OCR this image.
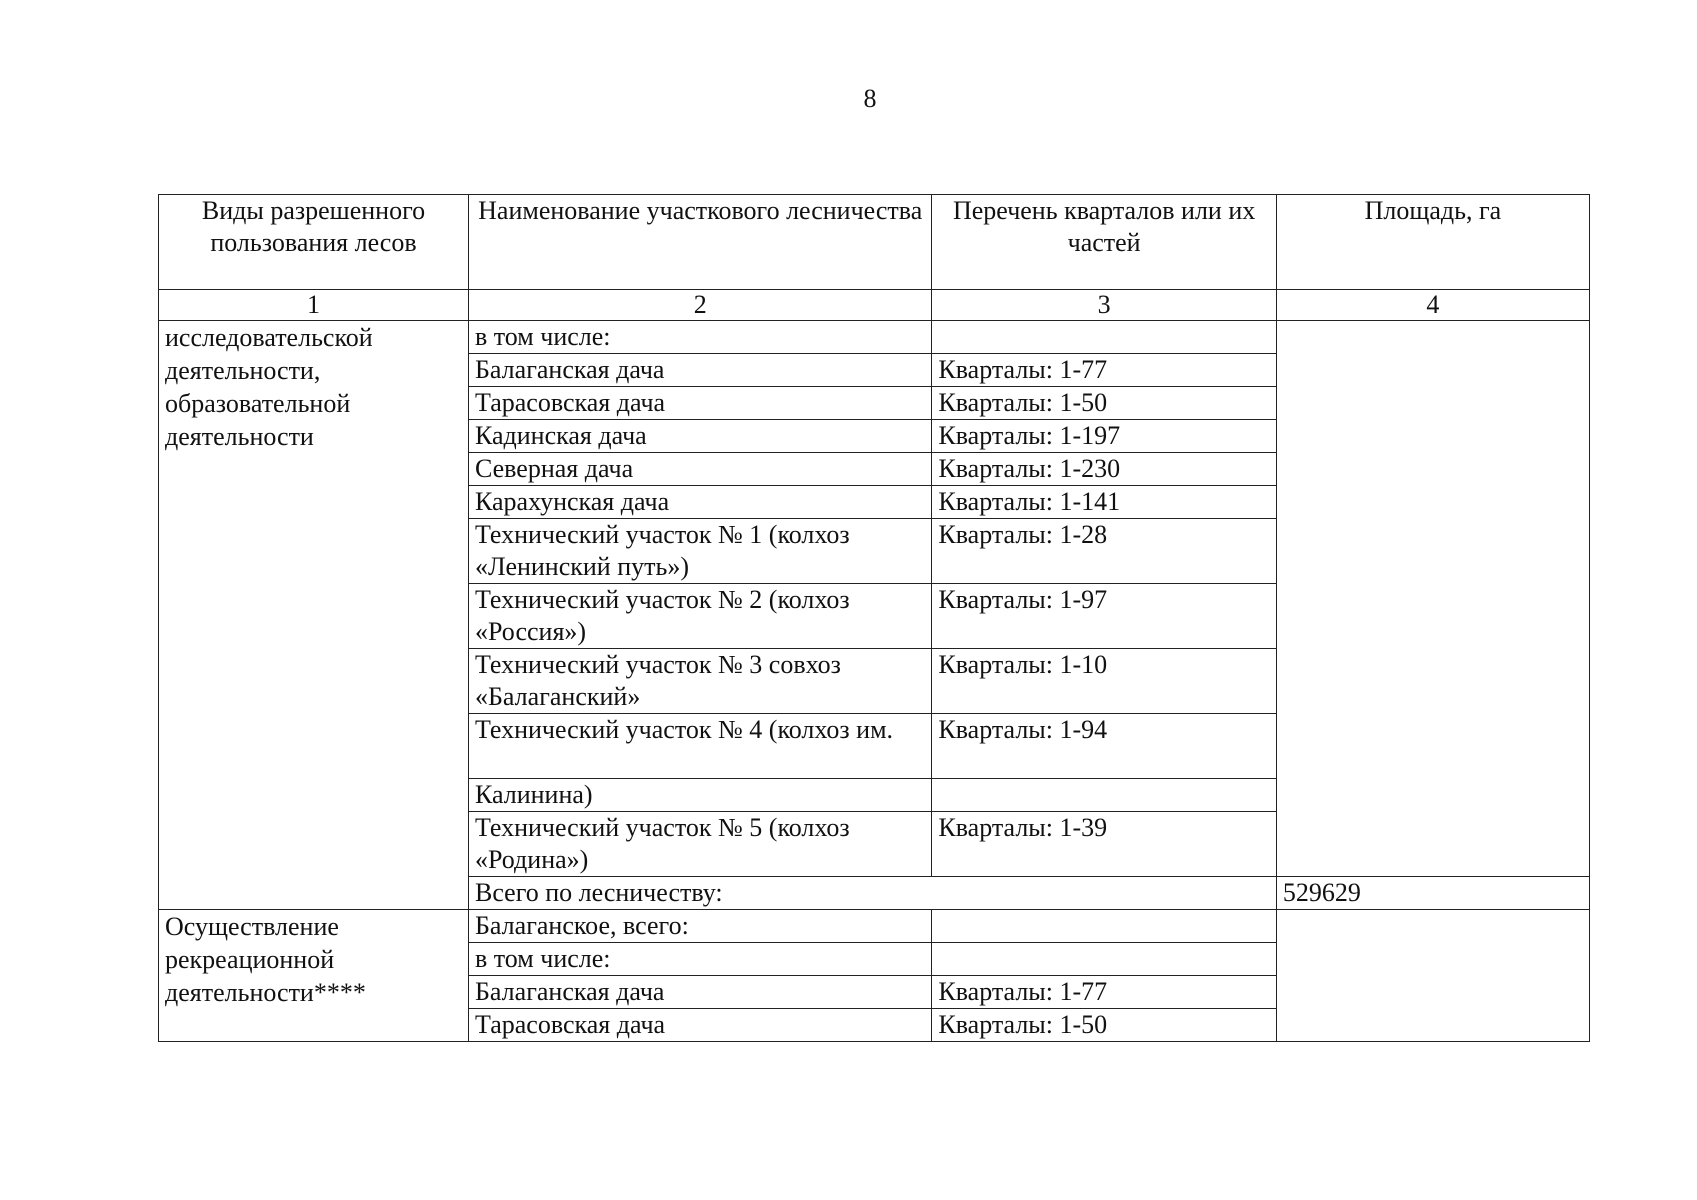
8
Виды разрешенного пользования лесов	Наименование участкового лесничества	Перечень кварталов или их частей	Площадь, га
1	2	3	4
исследовательской деятельности, образовательной деятельности	в том числе:		
	Балаганская дача	Кварталы: 1-77	
	Тарасовская дача	Кварталы: 1-50	
	Кадинская дача	Кварталы: 1-197	
	Северная дача	Кварталы: 1-230	
	Карахунская дача	Кварталы: 1-141	
	Технический участок № 1 (колхоз «Ленинский путь»)	Кварталы: 1-28	
	Технический участок № 2 (колхоз «Россия»)	Кварталы: 1-97	
	Технический участок № 3 совхоз «Балаганский»	Кварталы: 1-10	
	Технический участок № 4 (колхоз им.	Кварталы: 1-94	
	Калинина)		
	Технический участок № 5 (колхоз «Родина»)	Кварталы: 1-39	
	Всего по лесничеству:		529629
Осуществление рекреационной деятельности****	Балаганское, всего:		
	в том числе:		
	Балаганская дача	Кварталы: 1-77	
	Тарасовская дача	Кварталы: 1-50	
